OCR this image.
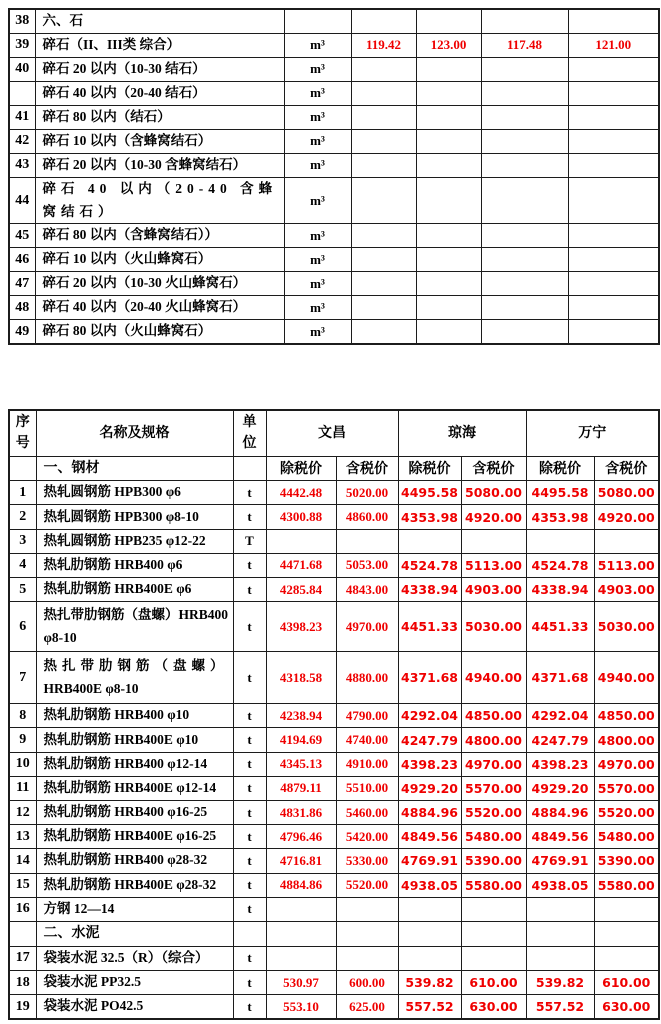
38	六、石					
39	碎石（II、III类 综合）	m³	119.42	123.00	117.48	121.00
40	碎石 20 以内（10-30 结石）	m³				
	碎石 40 以内（20-40 结石）	m³				
41	碎石 80 以内（结石）	m³				
42	碎石 10 以内（含蜂窝结石）	m³				
43	碎石 20 以内（10-30 含蜂窝结石）	m³				
44	碎石 40 以内（20-40 含蜂窝结石）	m³				
45	碎石 80 以内（含蜂窝结石））	m³				
46	碎石 10 以内（火山蜂窝石）	m³				
47	碎石 20 以内（10-30 火山蜂窝石）	m³				
48	碎石 40 以内（20-40 火山蜂窝石）	m³				
49	碎石 80 以内（火山蜂窝石）	m³				
序号	名称及规格	单位	文昌		琼海		万宁	
	一、钢材		除税价	含税价	除税价	含税价	除税价	含税价
1	热轧圆钢筋 HPB300 φ6	t	4442.48	5020.00	4495.58	5080.00	4495.58	5080.00
2	热轧圆钢筋 HPB300 φ8-10	t	4300.88	4860.00	4353.98	4920.00	4353.98	4920.00
3	热轧圆钢筋 HPB235 φ12-22	T						
4	热轧肋钢筋 HRB400 φ6	t	4471.68	5053.00	4524.78	5113.00	4524.78	5113.00
5	热轧肋钢筋 HRB400E φ6	t	4285.84	4843.00	4338.94	4903.00	4338.94	4903.00
6	热扎带肋钢筋（盘螺）HRB400
φ8-10	t	4398.23	4970.00	4451.33	5030.00	4451.33	5030.00
7	热扎带肋钢筋（盘螺）
HRB400E φ8-10	t	4318.58	4880.00	4371.68	4940.00	4371.68	4940.00
8	热轧肋钢筋 HRB400 φ10	t	4238.94	4790.00	4292.04	4850.00	4292.04	4850.00
9	热轧肋钢筋 HRB400E φ10	t	4194.69	4740.00	4247.79	4800.00	4247.79	4800.00
10	热轧肋钢筋 HRB400 φ12-14	t	4345.13	4910.00	4398.23	4970.00	4398.23	4970.00
11	热轧肋钢筋 HRB400E φ12-14	t	4879.11	5510.00	4929.20	5570.00	4929.20	5570.00
12	热轧肋钢筋 HRB400 φ16-25	t	4831.86	5460.00	4884.96	5520.00	4884.96	5520.00
13	热轧肋钢筋 HRB400E φ16-25	t	4796.46	5420.00	4849.56	5480.00	4849.56	5480.00
14	热轧肋钢筋 HRB400 φ28-32	t	4716.81	5330.00	4769.91	5390.00	4769.91	5390.00
15	热轧肋钢筋 HRB400E φ28-32	t	4884.86	5520.00	4938.05	5580.00	4938.05	5580.00
16	方钢 12—14	t						
	二、水泥

17	袋装水泥 32.5（R）（综合）	t						
18	袋装水泥 PP32.5	t	530.97	600.00	539.82	610.00	539.82	610.00
19	袋装水泥 PO42.5	t	553.10	625.00	557.52	630.00	557.52	630.00
